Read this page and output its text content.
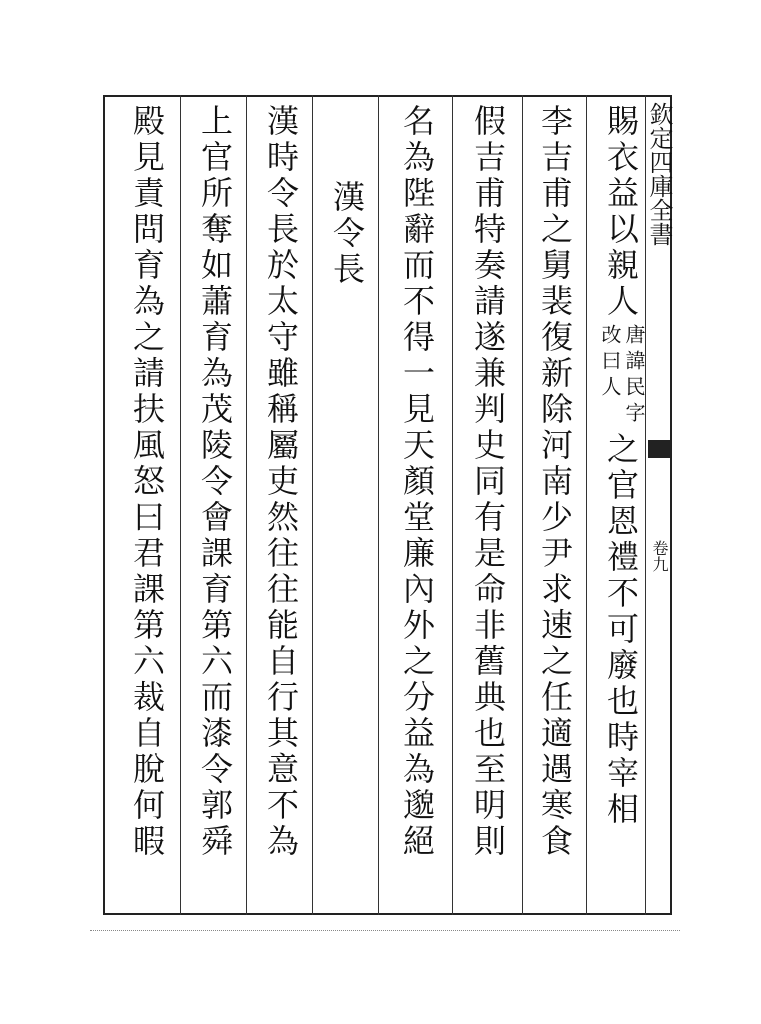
欽定四庫全書
卷九
賜衣益以親人
唐諱民字
改曰人
之官恩禮不可廢也時宰相
李吉甫之舅裴復新除河南少尹求速之任適遇寒食
假吉甫特奏請遂兼判史同有是命非舊典也至明則
名為陛辭而不得一見天顏堂廉內外之分益為邈絕
漢令長
漢時令長於太守雖稱屬吏然往往能自行其意不為
上官所奪如蕭育為茂陵令會課育第六而漆令郭舜
殿見責問育為之請扶風怒曰君課第六裁自脫何暇
